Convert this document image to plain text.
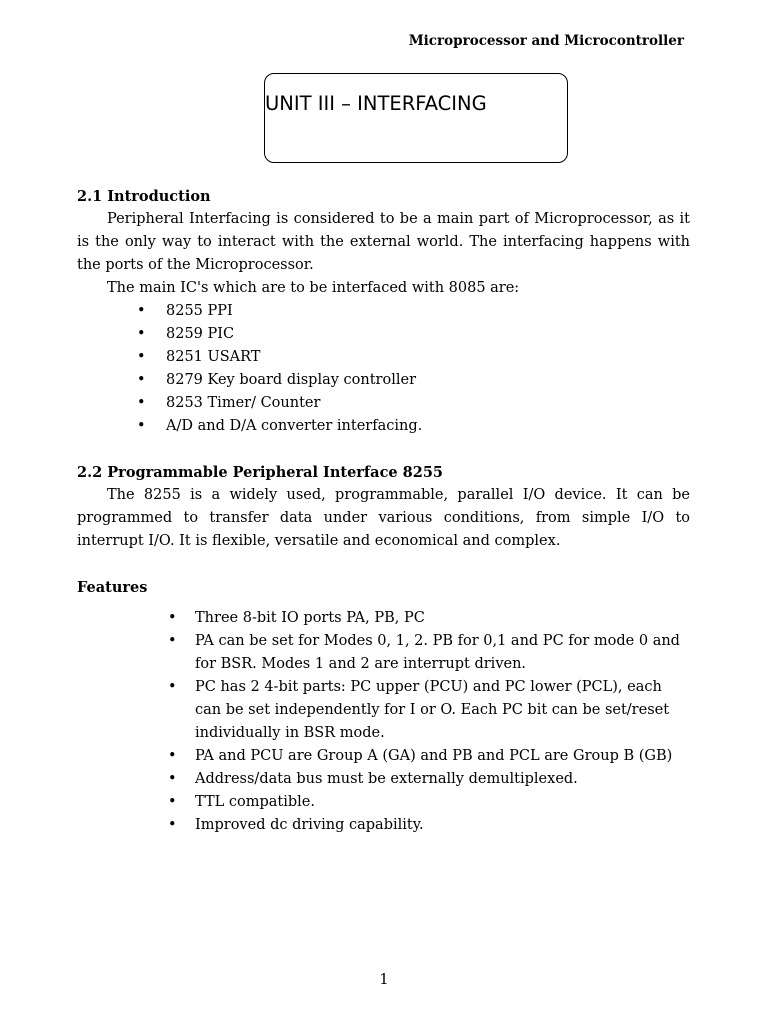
Microprocessor and Microcontroller
UNIT III – INTERFACING
2.1 Introduction

Peripheral Interfacing is considered to be a main part of Microprocessor, as it is the only way to interact with the external world. The interfacing happens with the ports of the Microprocessor.

The main IC's which are to be interfaced with 8085 are:

• 8255 PPI
• 8259 PIC
• 8251 USART
• 8279 Key board display controller
• 8253 Timer/ Counter
• A/D and D/A converter interfacing.
2.2 Programmable Peripheral Interface 8255

The 8255 is a widely used, programmable, parallel I/O device. It can be programmed to transfer data under various conditions, from simple I/O to interrupt I/O. It is flexible, versatile and economical and complex.

Features
• Three 8-bit IO ports PA, PB, PC
• PA can be set for Modes 0, 1, 2. PB for 0,1 and PC for mode 0 and for BSR. Modes 1 and 2 are interrupt driven.
• PC has 2 4-bit parts: PC upper (PCU) and PC lower (PCL), each can be set independently for I or O. Each PC bit can be set/reset individually in BSR mode.
• PA and PCU are Group A (GA) and PB and PCL are Group B (GB)
• Address/data bus must be externally demultiplexed.
• TTL compatible.
• Improved dc driving capability.
1
